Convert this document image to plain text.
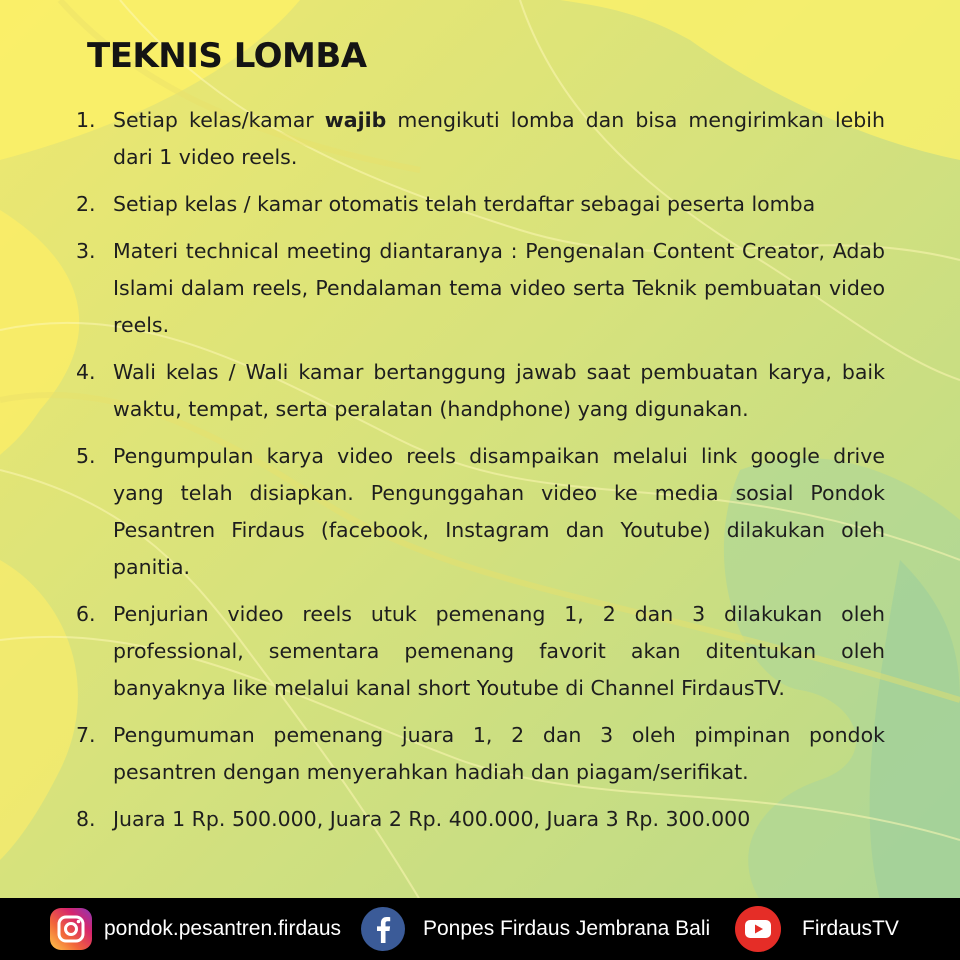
TEKNIS LOMBA
1. Setiap kelas/kamar wajib mengikuti lomba dan bisa mengirimkan lebih dari 1 video reels.
2. Setiap kelas / kamar otomatis telah terdaftar sebagai peserta lomba
3. Materi technical meeting diantaranya : Pengenalan Content Creator, Adab Islami dalam reels, Pendalaman tema video serta Teknik pembuatan video reels.
4. Wali kelas / Wali kamar bertanggung jawab saat pembuatan karya, baik waktu, tempat, serta peralatan (handphone) yang digunakan.
5. Pengumpulan karya video reels disampaikan melalui link google drive yang telah disiapkan. Pengunggahan video ke media sosial Pondok Pesantren Firdaus (facebook, Instagram dan Youtube) dilakukan oleh panitia.
6. Penjurian video reels utuk pemenang 1, 2 dan 3 dilakukan oleh professional, sementara pemenang favorit akan ditentukan oleh banyaknya like melalui kanal short Youtube di Channel FirdausTV.
7. Pengumuman pemenang juara 1, 2 dan 3 oleh pimpinan pondok pesantren dengan menyerahkan hadiah dan piagam/serifikat.
8. Juara 1 Rp. 500.000, Juara 2 Rp. 400.000, Juara 3 Rp. 300.000
pondok.pesantren.firdaus	Ponpes Firdaus Jembrana Bali	FirdausTV
